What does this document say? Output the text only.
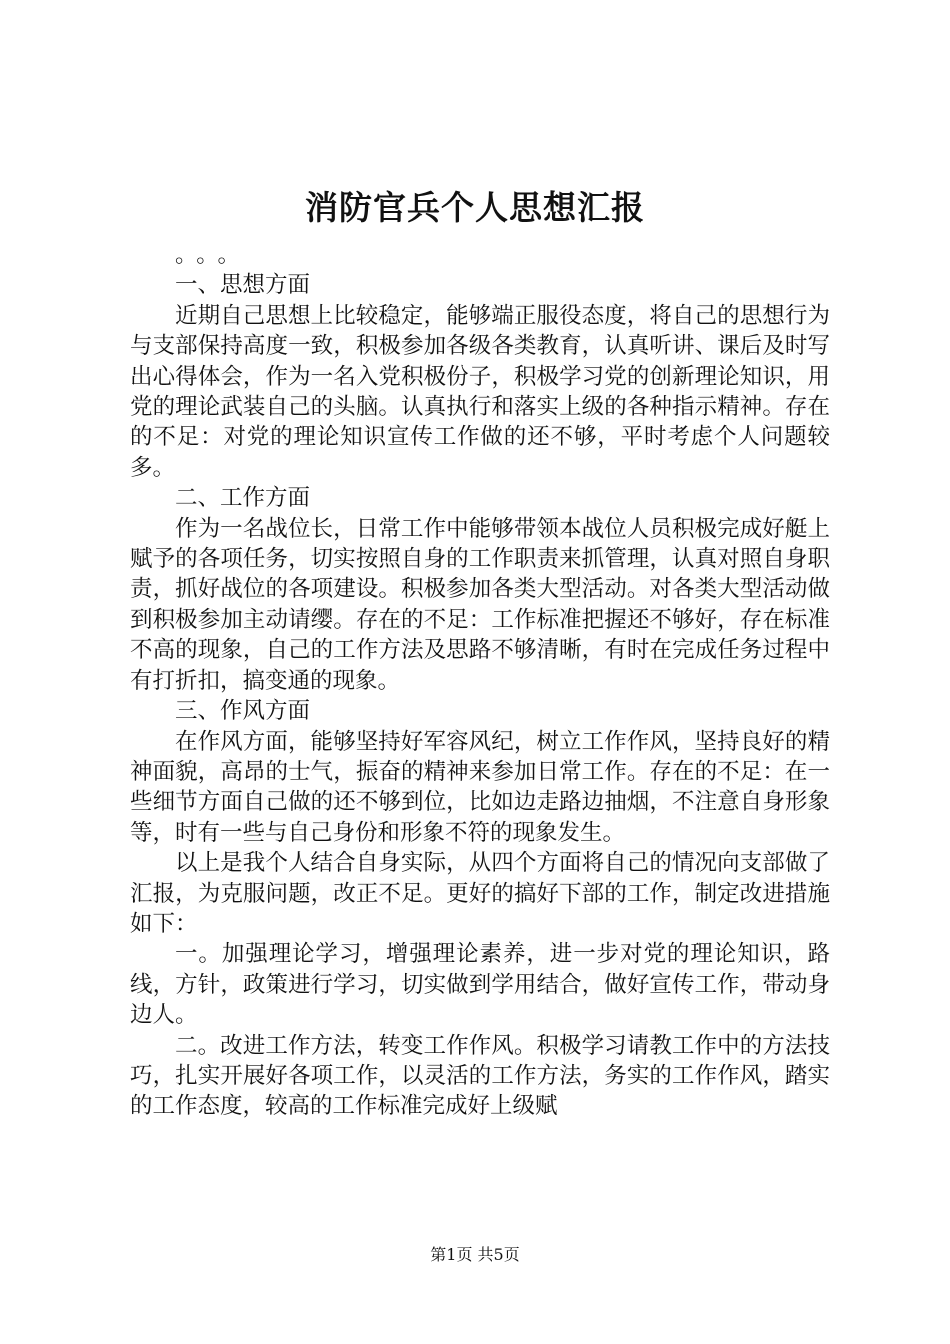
消防官兵个人思想汇报

。。。

一、思想方面

近期自己思想上比较稳定，能够端正服役态度，将自己的思想行为与支部保持高度一致，积极参加各级各类教育，认真听讲、课后及时写出心得体会，作为一名入党积极份子，积极学习党的创新理论知识，用党的理论武装自己的头脑。认真执行和落实上级的各种指示精神。存在的不足：对党的理论知识宣传工作做的还不够，平时考虑个人问题较多。

二、工作方面

作为一名战位长，日常工作中能够带领本战位人员积极完成好艇上赋予的各项任务，切实按照自身的工作职责来抓管理，认真对照自身职责，抓好战位的各项建设。积极参加各类大型活动。对各类大型活动做到积极参加主动请缨。存在的不足：工作标准把握还不够好，存在标准不高的现象，自己的工作方法及思路不够清晰，有时在完成任务过程中有打折扣，搞变通的现象。

三、作风方面

在作风方面，能够坚持好军容风纪，树立工作作风，坚持良好的精神面貌，高昂的士气，振奋的精神来参加日常工作。存在的不足：在一些细节方面自己做的还不够到位，比如边走路边抽烟，不注意自身形象等，时有一些与自己身份和形象不符的现象发生。

以上是我个人结合自身实际，从四个方面将自己的情况向支部做了汇报，为克服问题，改正不足。更好的搞好下部的工作，制定改进措施如下：

一。加强理论学习，增强理论素养，进一步对党的理论知识，路线，方针，政策进行学习，切实做到学用结合，做好宣传工作，带动身边人。

二。改进工作方法，转变工作作风。积极学习请教工作中的方法技巧，扎实开展好各项工作，以灵活的工作方法，务实的工作作风，踏实的工作态度，较高的工作标准完成好上级赋

第1页 共5页
